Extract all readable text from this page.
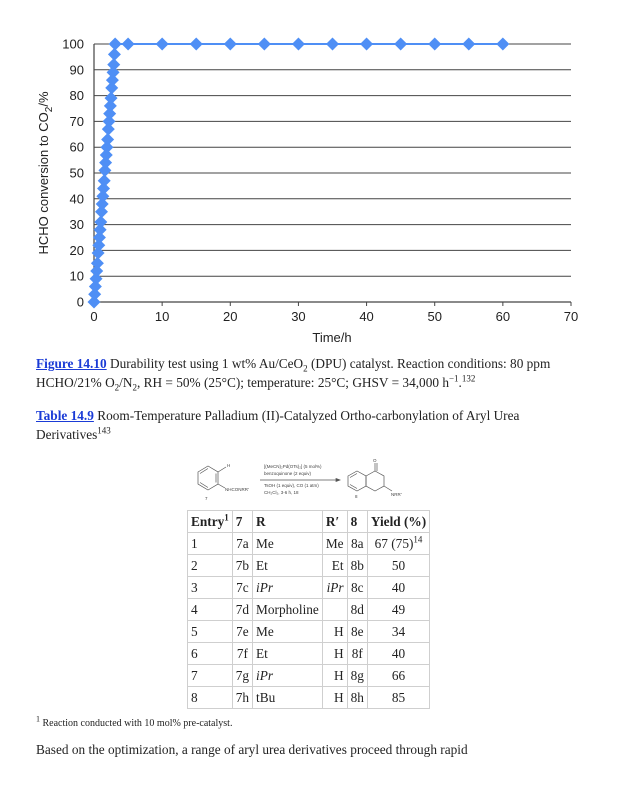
0
10
20
30
40
50
60
70
80
90
100
0	10	20	30	40	50	60	70
Time/h
HCHO conversion to $CO_2/\%$
Figure 14.10 Durability test using 1 wt% Au/CeO$_2$ (DPU) catalyst. Reaction conditions: 80 ppm HCHO/21% $O_2/N_2$, RH = 50% (25°C); temperature: 25°C; GHSV = 34,000 $h^{-1}.^{132}$
Table 14.9 Room-Temperature Palladium (II)-Catalyzed Ortho-carbonylation of Aryl Urea Derivatives$^{143}$
H
NHCONRR'
7
[(MeCN)₂Pd(OTs)₂] (5 mol%)
benzoquinone (2 equiv)
TsOH (1 equiv), CO (1 atm)
CH₂Cl₂, 3-6 h, 18
O
NRR'
8
Entry$^1$	7	R	R′	8	Yield (%)
1	7a	Me	Me	8a	67 $(75)^{14}$
2	7b	Et	Et	8b	50
3	7c	iPr	iPr	8c	40
4	7d	Morpholine		8d	49
5	7e	Me	H	8e	34
6	7f	Et	H	8f	40
7	7g	iPr	H	8g	66
8	7h	tBu	H	8h	85
$^1$ Reaction conducted with 10 mol% pre-catalyst.
Based on the optimization, a range of aryl urea derivatives proceed through rapid
